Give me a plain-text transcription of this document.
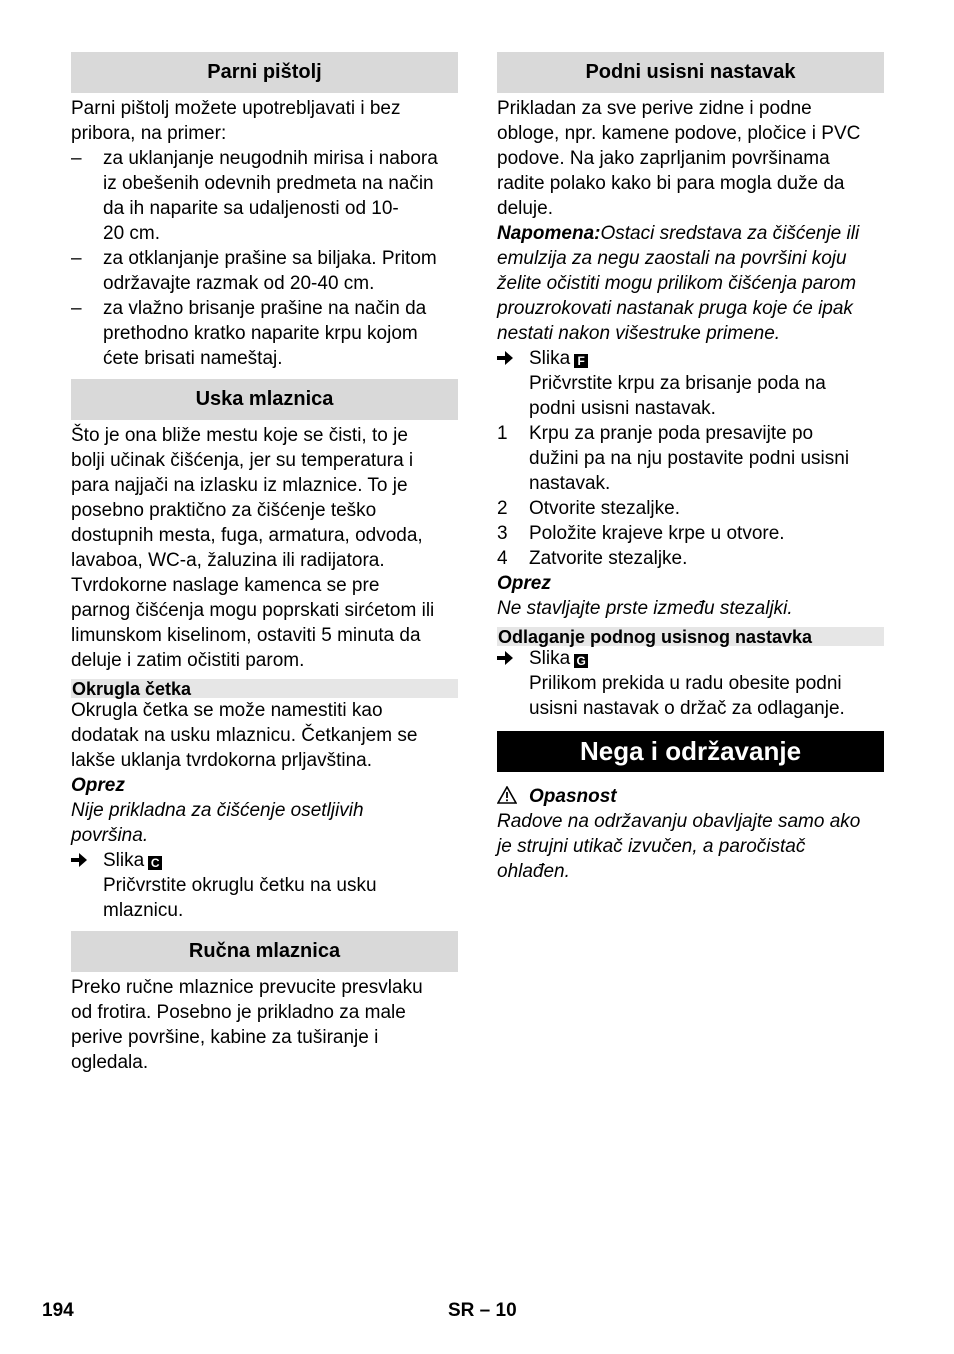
Parni pištolj
Parni pištolj možete upotrebljavati i bez
pribora, na primer:
–	za uklanjanje neugodnih mirisa i nabora
iz obešenih odevnih predmeta na način
da ih naparite sa udaljenosti od 10-
20 cm.
–	za otklanjanje prašine sa biljaka. Pritom
održavajte razmak od 20-40 cm.
–	za vlažno brisanje prašine na način da
prethodno kratko naparite krpu kojom
ćete brisati nameštaj.
Uska mlaznica
Što je ona bliže mestu koje se čisti, to je
bolji učinak čišćenja, jer su temperatura i
para najjači na izlasku iz mlaznice. To je
posebno praktično za čišćenje teško
dostupnih mesta, fuga, armatura, odvoda,
lavaboa, WC-a, žaluzina ili radijatora.
Tvrdokorne naslage kamenca se pre
parnog čišćenja mogu poprskati sirćetom ili
limunskom kiselinom, ostaviti 5 minuta da
deluje i zatim očistiti parom.
Okrugla četka
Okrugla četka se može namestiti kao
dodatak na usku mlaznicu. Četkanjem se
lakše uklanja tvrdokorna prljavština.
Oprez
Nije prikladna za čišćenje osetljivih
površina.
Slika C
Pričvrstite okruglu četku na usku
mlaznicu.
Ručna mlaznica
Preko ručne mlaznice prevucite presvlaku
od frotira. Posebno je prikladno za male
perive površine, kabine za tuširanje i
ogledala.
Podni usisni nastavak
Prikladan za sve perive zidne i podne
obloge, npr. kamene podove, pločice i PVC
podove. Na jako zaprljanim površinama
radite polako kako bi para mogla duže da
deluje.
Napomena:Ostaci sredstava za čišćenje ili
emulzija za negu zaostali na površini koju
želite očistiti mogu prilikom čišćenja parom
prouzrokovati nastanak pruga koje će ipak
nestati nakon višestruke primene.
Slika F
Pričvrstite krpu za brisanje poda na
podni usisni nastavak.
1	Krpu za pranje poda presavijte po
dužini pa na nju postavite podni usisni
nastavak.
2	Otvorite stezaljke.
3	Položite krajeve krpe u otvore.
4	Zatvorite stezaljke.
Oprez
Ne stavljajte prste između stezaljki.
Odlaganje podnog usisnog nastavka
Slika G
Prilikom prekida u radu obesite podni
usisni nastavak o držač za odlaganje.
Nega i održavanje
Opasnost
Radove na održavanju obavljajte samo ako
je strujni utikač izvučen, a paročistač
ohlađen.
194	SR – 10
